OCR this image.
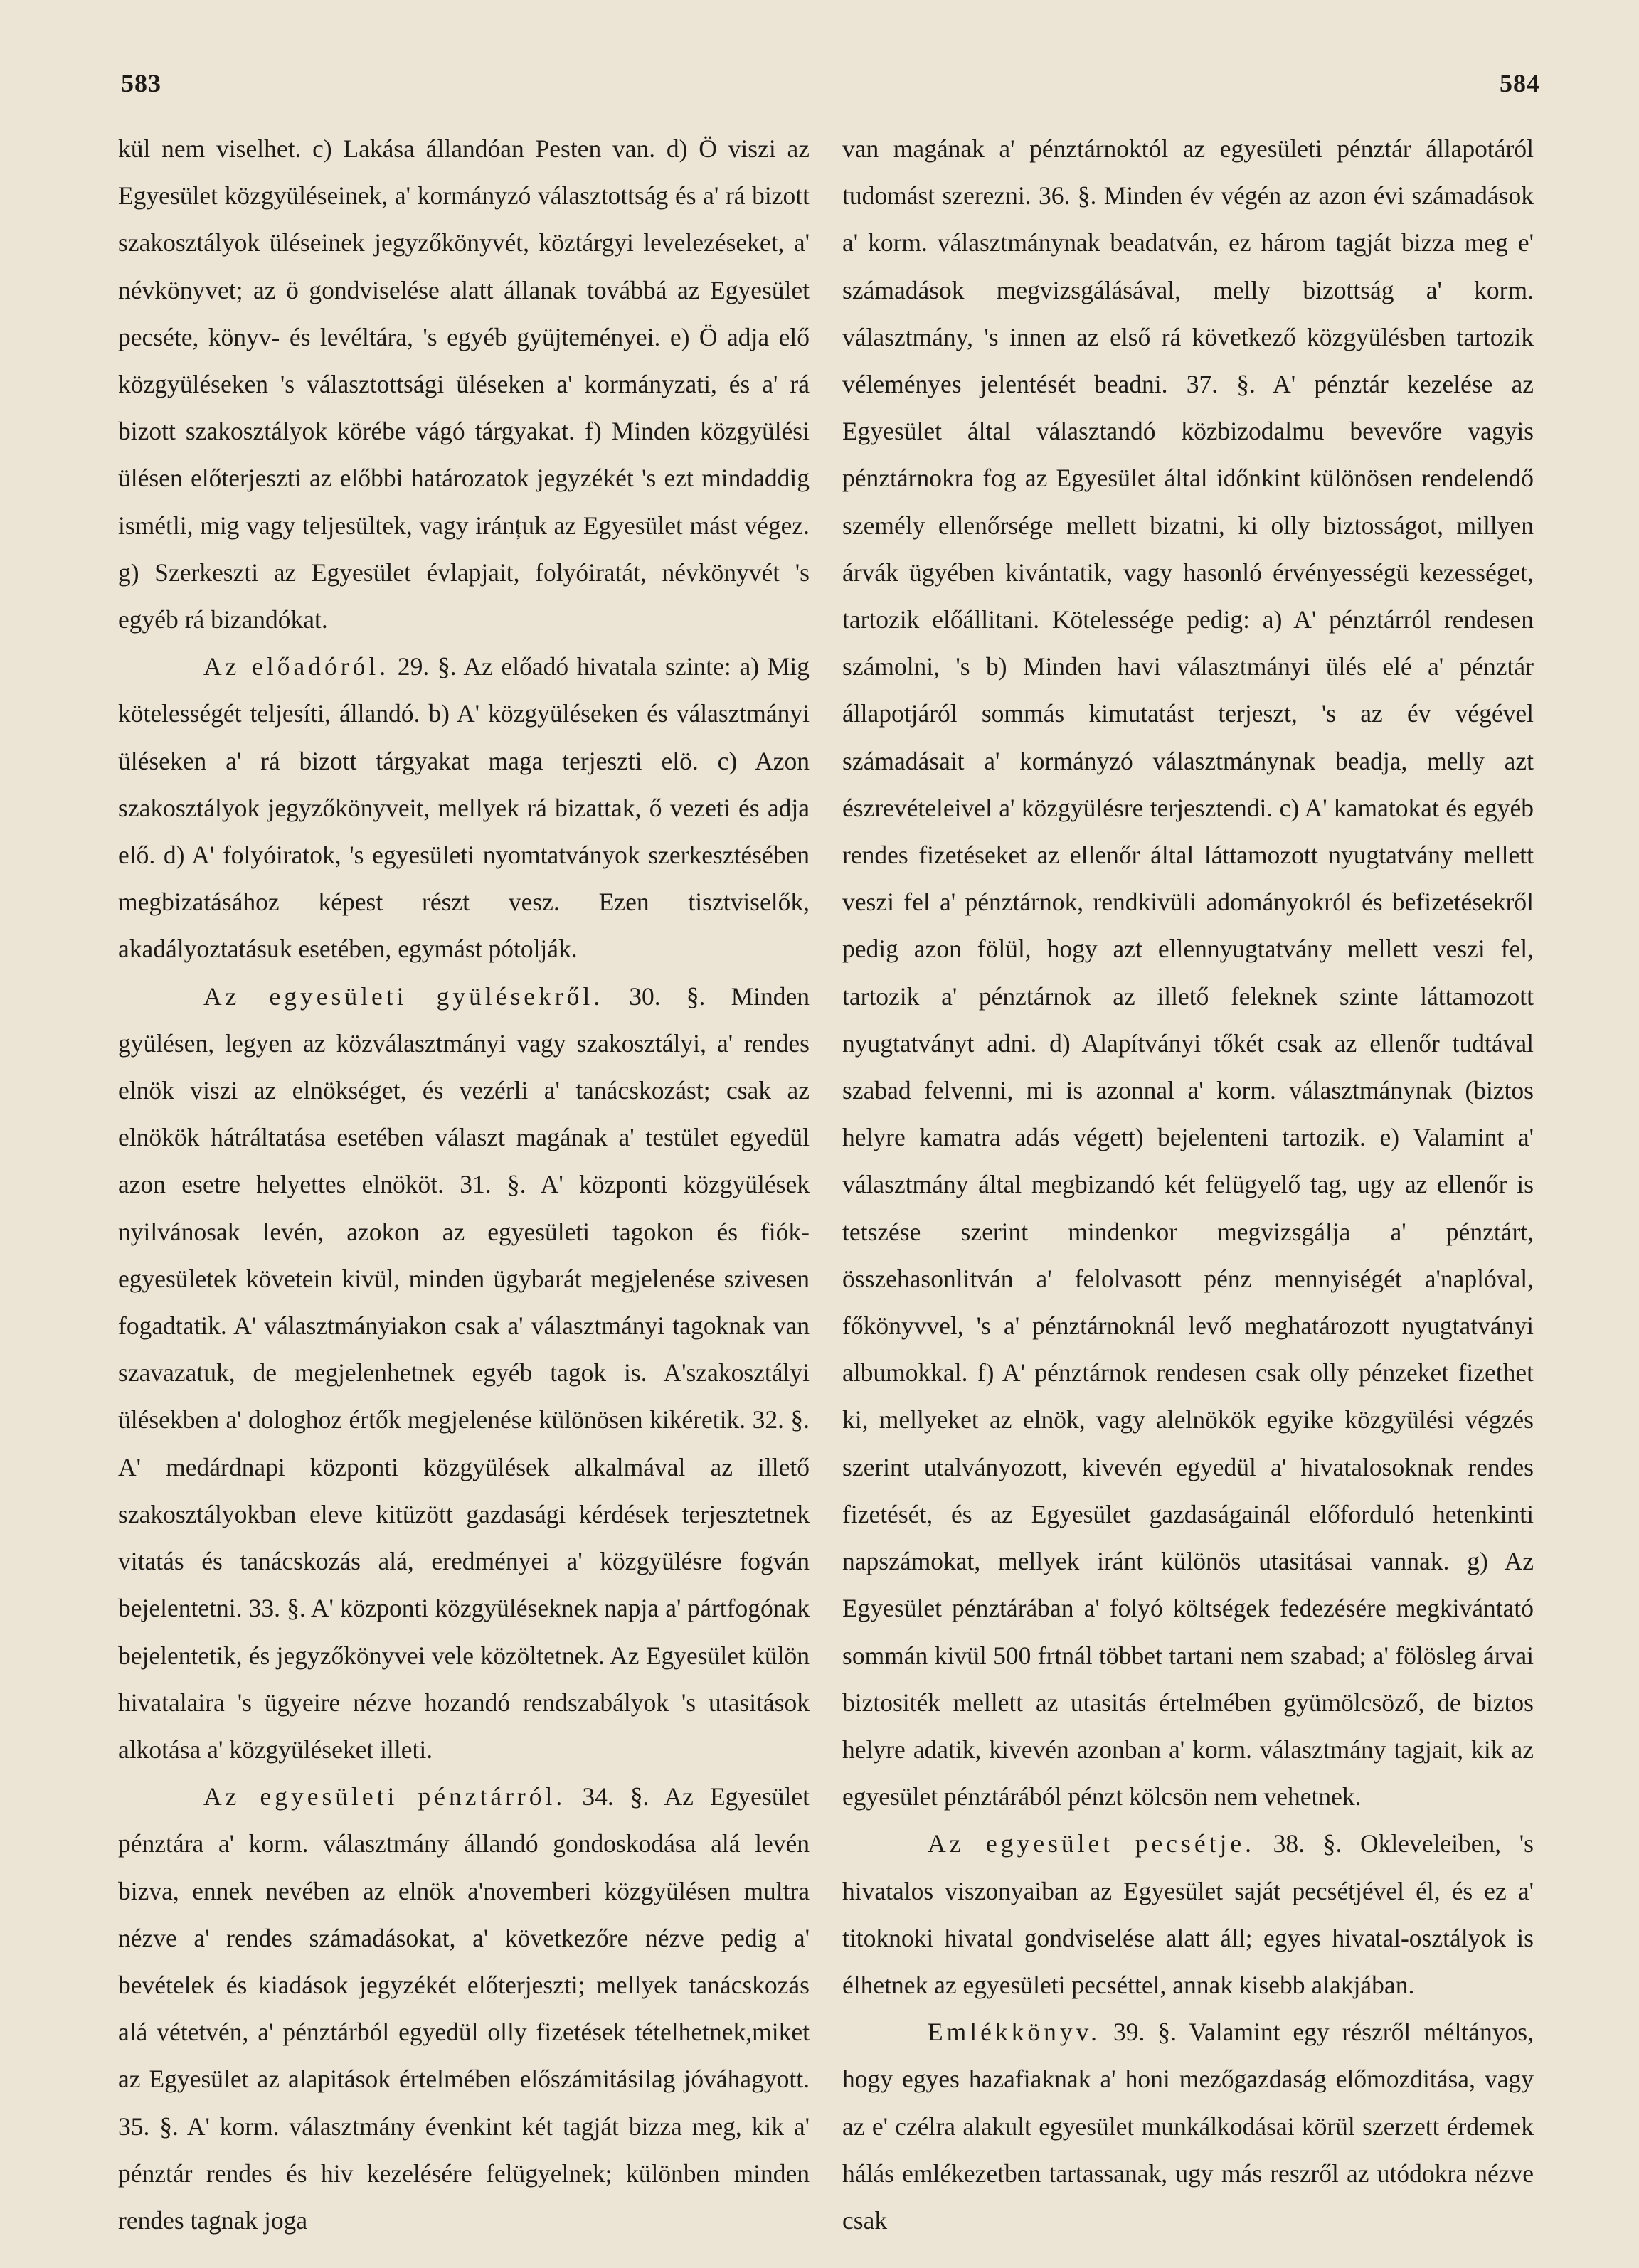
583	584

kül nem viselhet. c) Lakása állandóan Pesten van. d) Ö viszi az Egyesület közgyüléseinek, a' kormányzó választottság és a' rá bizott szakosztályok üléseinek jegyzőkönyvét, köztárgyi levelezéseket, a' névkönyvet; az ö gondviselése alatt állanak továbbá az Egyesület pecséte, könyv- és levéltára, 's egyéb gyüjteményei. e) Ö adja elő közgyüléseken 's választottsági üléseken a' kormányzati, és a' rá bizott szakosztályok körébe vágó tárgyakat. f) Minden közgyülési ülésen előterjeszti az előbbi határozatok jegyzékét 's ezt mindaddig ismétli, mig vagy teljesültek, vagy iránțuk az Egyesület mást végez. g) Szerkeszti az Egyesület évlapjait, folyóiratát, névkönyvét 's egyéb rá bizandókat.

Az előadóról. 29. §. Az előadó hivatala szinte: a) Mig kötelességét teljesíti, állandó. b) A' közgyüléseken és választmányi üléseken a' rá bizott tárgyakat maga terjeszti elö. c) Azon szakosztályok jegyzőkönyveit, mellyek rá bizattak, ő vezeti és adja elő. d) A' folyóiratok, 's egyesületi nyomtatványok szerkesztésében megbizatásához képest részt vesz. Ezen tisztviselők, akadályoztatásuk esetében, egymást pótolják.

Az egyesületi gyülésekről. 30. §. Minden gyülésen, legyen az közválasztmányi vagy szakosztályi, a' rendes elnök viszi az elnökséget, és vezérli a' tanácskozást; csak az elnökök hátráltatása esetében választ magának a' testület egyedül azon esetre helyettes elnököt. 31. §. A' központi közgyülések nyilvánosak levén, azokon az egyesületi tagokon és fiók-egyesületek követein kivül, minden ügybarát megjelenése szivesen fogadtatik. A' választmányiakon csak a' választmányi tagoknak van szavazatuk, de megjelenhetnek egyéb tagok is. A'szakosztályi ülésekben a' dologhoz értők megjelenése különösen kikéretik. 32. §. A' medárdnapi központi közgyülések alkalmával az illető szakosztályokban eleve kitüzött gazdasági kérdések terjesztetnek vitatás és tanácskozás alá, eredményei a' közgyülésre fogván bejelentetni. 33. §. A' központi közgyüléseknek napja a' pártfogónak bejelentetik, és jegyzőkönyvei vele közöltetnek. Az Egyesület külön hivatalaira 's ügyeire nézve hozandó rendszabályok 's utasitások alkotása a' közgyüléseket illeti.

Az egyesületi pénztárról. 34. §. Az Egyesület pénztára a' korm. választmány állandó gondoskodása alá levén bizva, ennek nevében az elnök a'novemberi közgyülésen multra nézve a' rendes számadásokat, a' következőre nézve pedig a' bevételek és kiadások jegyzékét előterjeszti; mellyek tanácskozás alá vétetvén, a' pénztárból egyedül olly fizetések tételhetnek,miket az Egyesület az alapitások értelmében előszámitásilag jóváhagyott. 35. §. A' korm. választmány évenkint két tagját bizza meg, kik a' pénztár rendes és hiv kezelésére felügyelnek; különben minden rendes tagnak joga

van magának a' pénztárnoktól az egyesületi pénztár állapotáról tudomást szerezni. 36. §. Minden év végén az azon évi számadások a' korm. választmánynak beadatván, ez három tagját bizza meg e' számadások megvizsgálásával, melly bizottság a' korm. választmány, 's innen az első rá következő közgyülésben tartozik véleményes jelentését beadni. 37. §. A' pénztár kezelése az Egyesület által választandó közbizodalmu bevevőre vagyis pénztárnokra fog az Egyesület által időnkint különösen rendelendő személy ellenőrsége mellett bizatni, ki olly biztosságot, millyen árvák ügyében kivántatik, vagy hasonló érvényességü kezességet, tartozik előállitani. Kötelessége pedig: a) A' pénztárról rendesen számolni, 's b) Minden havi választmányi ülés elé a' pénztár állapotjáról sommás kimutatást terjeszt, 's az év végével számadásait a' kormányzó választmánynak beadja, melly azt észrevételeivel a' közgyülésre terjesztendi. c) A' kamatokat és egyéb rendes fizetéseket az ellenőr által láttamozott nyugtatvány mellett veszi fel a' pénztárnok, rendkivüli adományokról és befizetésekről pedig azon fölül, hogy azt ellennyugtatvány mellett veszi fel, tartozik a' pénztárnok az illető feleknek szinte láttamozott nyugtatványt adni. d) Alapítványi tőkét csak az ellenőr tudtával szabad felvenni, mi is azonnal a' korm. választmánynak (biztos helyre kamatra adás végett) bejelenteni tartozik. e) Valamint a' választmány által megbizandó két felügyelő tag, ugy az ellenőr is tetszése szerint mindenkor megvizsgálja a' pénztárt, összehasonlitván a' felolvasott pénz mennyiségét a'naplóval, főkönyvvel, 's a' pénztárnoknál levő meghatározott nyugtatványi albumokkal. f) A' pénztárnok rendesen csak olly pénzeket fizethet ki, mellyeket az elnök, vagy alelnökök egyike közgyülési végzés szerint utalványozott, kivevén egyedül a' hivatalosoknak rendes fizetését, és az Egyesület gazdaságainál előforduló hetenkinti napszámokat, mellyek iránt különös utasitásai vannak. g) Az Egyesület pénztárában a' folyó költségek fedezésére megkivántató sommán kivül 500 frtnál többet tartani nem szabad; a' fölösleg árvai biztositék mellett az utasitás értelmében gyümölcsöző, de biztos helyre adatik, kivevén azonban a' korm. választmány tagjait, kik az egyesület pénztárából pénzt kölcsön nem vehetnek.

Az egyesület pecsétje. 38. §. Okleveleiben, 's hivatalos viszonyaiban az Egyesület saját pecsétjével él, és ez a' titoknoki hivatal gondviselése alatt áll; egyes hivatal-osztályok is élhetnek az egyesületi pecséttel, annak kisebb alakjában.

Emlékkönyv. 39. §. Valamint egy részről méltányos, hogy egyes hazafiaknak a' honi mezőgazdaság előmozditása, vagy az e' czélra alakult egyesület munkálkodásai körül szerzett érdemek hálás emlékezetben tartassanak, ugy más reszről az utódokra nézve csak
